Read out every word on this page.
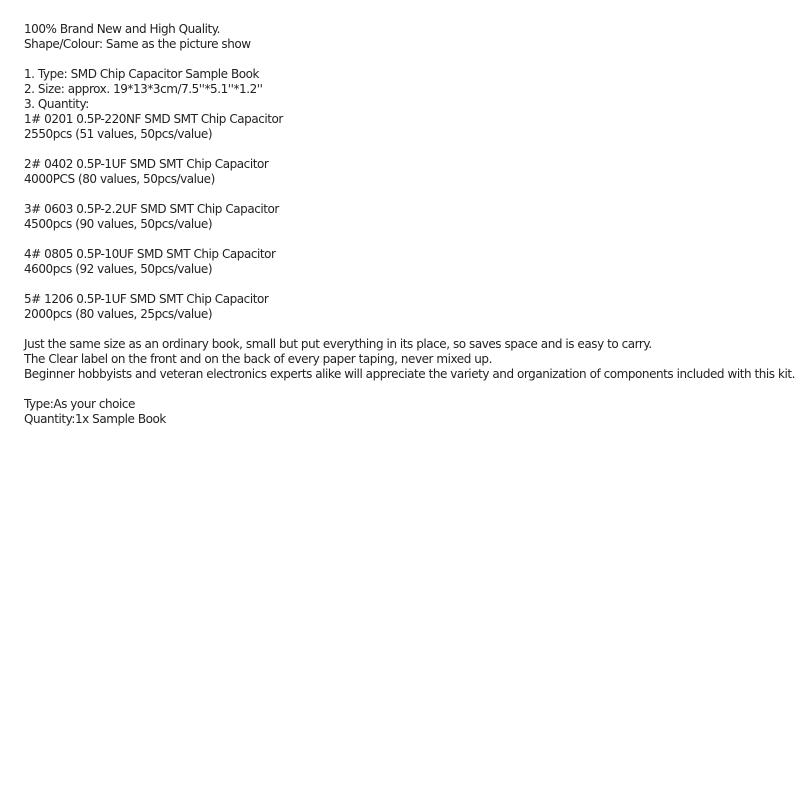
100% Brand New and High Quality.
Shape/Colour: Same as the picture show
1. Type: SMD Chip Capacitor Sample Book
2. Size: approx. 19*13*3cm/7.5''*5.1''*1.2''
3. Quantity:
1# 0201 0.5P-220NF SMD SMT Chip Capacitor
2550pcs (51 values, 50pcs/value)
2# 0402 0.5P-1UF SMD SMT Chip Capacitor
4000PCS (80 values, 50pcs/value)
3# 0603 0.5P-2.2UF SMD SMT Chip Capacitor
4500pcs (90 values, 50pcs/value)
4# 0805 0.5P-10UF SMD SMT Chip Capacitor
4600pcs (92 values, 50pcs/value)
5# 1206 0.5P-1UF SMD SMT Chip Capacitor
2000pcs (80 values, 25pcs/value)
Just the same size as an ordinary book, small but put everything in its place, so saves space and is easy to carry.
The Clear label on the front and on the back of every paper taping, never mixed up.
Beginner hobbyists and veteran electronics experts alike will appreciate the variety and organization of components included with this kit.
Type:As your choice
Quantity:1x Sample Book
